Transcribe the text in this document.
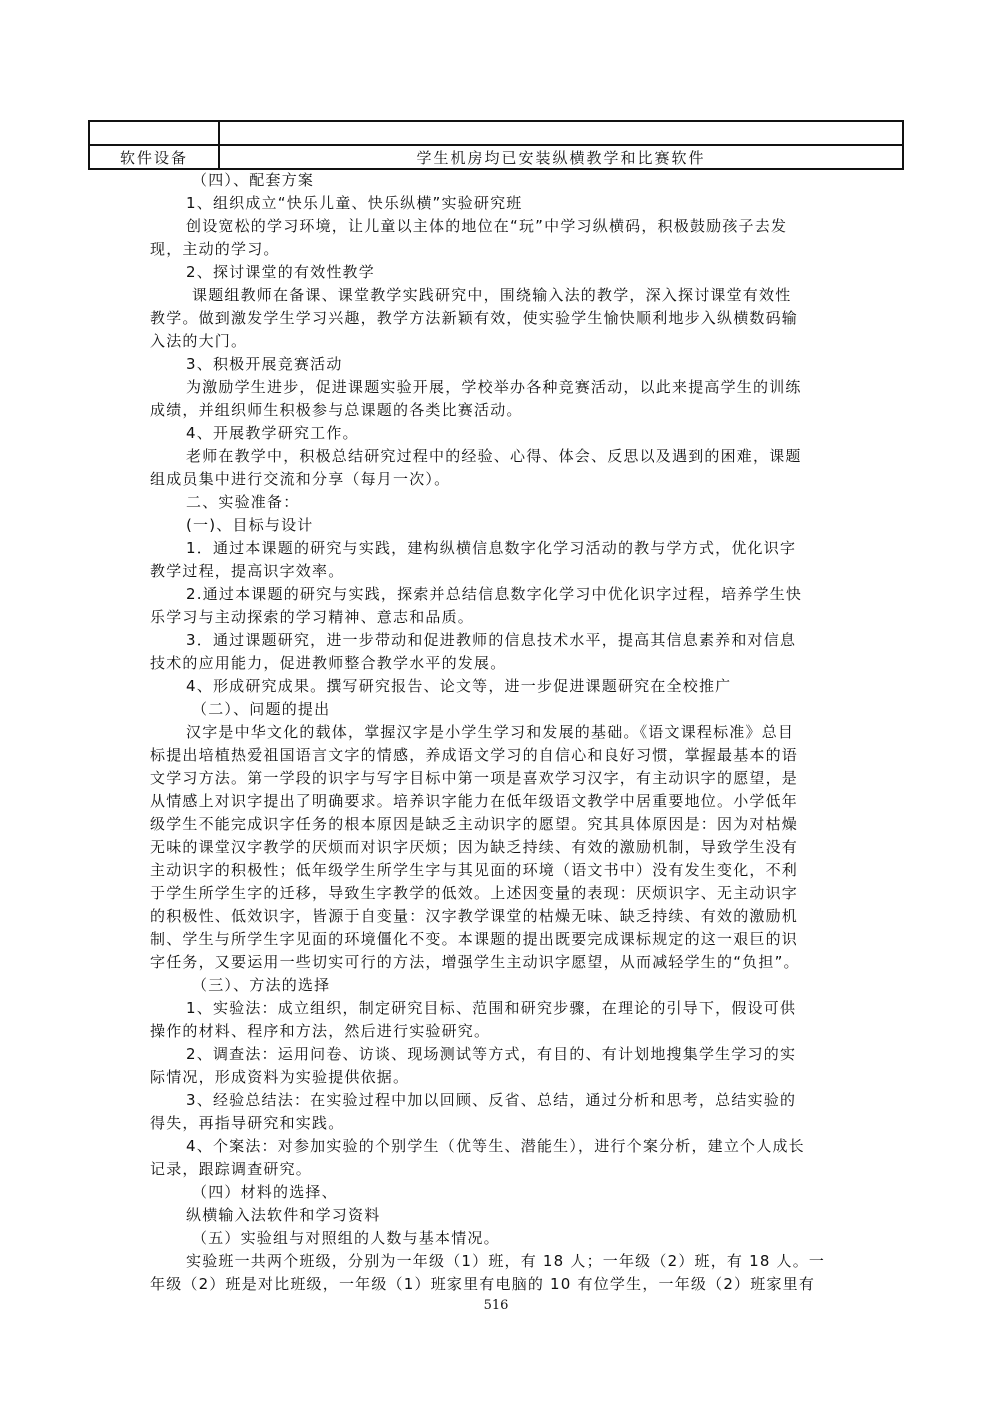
软件设备	学生机房均已安装纵横教学和比赛软件
（四）、配套方案
1、组织成立“快乐儿童、快乐纵横”实验研究班
创设宽松的学习环境，让儿童以主体的地位在“玩”中学习纵横码，积极鼓励孩子去发
现，主动的学习。
2、探讨课堂的有效性教学
课题组教师在备课、课堂教学实践研究中，围绕输入法的教学，深入探讨课堂有效性
教学。做到激发学生学习兴趣，教学方法新颖有效，使实验学生愉快顺利地步入纵横数码输
入法的大门。
3、积极开展竞赛活动
为激励学生进步，促进课题实验开展，学校举办各种竞赛活动，以此来提高学生的训练
成绩，并组织师生积极参与总课题的各类比赛活动。
4、开展教学研究工作。
老师在教学中，积极总结研究过程中的经验、心得、体会、反思以及遇到的困难，课题
组成员集中进行交流和分享（每月一次）。
二、实验准备：
(一)、目标与设计
1．通过本课题的研究与实践，建构纵横信息数字化学习活动的教与学方式，优化识字
教学过程，提高识字效率。
2.通过本课题的研究与实践，探索并总结信息数字化学习中优化识字过程，培养学生快
乐学习与主动探索的学习精神、意志和品质。
3．通过课题研究，进一步带动和促进教师的信息技术水平，提高其信息素养和对信息
技术的应用能力，促进教师整合教学水平的发展。
4、形成研究成果。撰写研究报告、论文等，进一步促进课题研究在全校推广
（二）、问题的提出
汉字是中华文化的载体，掌握汉字是小学生学习和发展的基础。《语文课程标准》总目
标提出培植热爱祖国语言文字的情感，养成语文学习的自信心和良好习惯，掌握最基本的语
文学习方法。第一学段的识字与写字目标中第一项是喜欢学习汉字，有主动识字的愿望，是
从情感上对识字提出了明确要求。培养识字能力在低年级语文教学中居重要地位。小学低年
级学生不能完成识字任务的根本原因是缺乏主动识字的愿望。究其具体原因是：因为对枯燥
无味的课堂汉字教学的厌烦而对识字厌烦；因为缺乏持续、有效的激励机制，导致学生没有
主动识字的积极性；低年级学生所学生字与其见面的环境（语文书中）没有发生变化，不利
于学生所学生字的迁移，导致生字教学的低效。上述因变量的表现：厌烦识字、无主动识字
的积极性、低效识字，皆源于自变量：汉字教学课堂的枯燥无味、缺乏持续、有效的激励机
制、学生与所学生字见面的环境僵化不变。本课题的提出既要完成课标规定的这一艰巨的识
字任务，又要运用一些切实可行的方法，增强学生主动识字愿望，从而减轻学生的“负担”。
（三）、方法的选择
1、实验法：成立组织，制定研究目标、范围和研究步骤，在理论的引导下，假设可供
操作的材料、程序和方法，然后进行实验研究。
2、调查法：运用问卷、访谈、现场测试等方式，有目的、有计划地搜集学生学习的实
际情况，形成资料为实验提供依据。
3、经验总结法：在实验过程中加以回顾、反省、总结，通过分析和思考，总结实验的
得失，再指导研究和实践。
4、个案法：对参加实验的个别学生（优等生、潜能生），进行个案分析，建立个人成长
记录，跟踪调查研究。
（四）材料的选择、
纵横输入法软件和学习资料
（五）实验组与对照组的人数与基本情况。
实验班一共两个班级，分别为一年级（1）班，有 18 人；一年级（2）班，有 18 人。一
年级（2）班是对比班级，一年级（1）班家里有电脑的 10 有位学生，一年级（2）班家里有
516
